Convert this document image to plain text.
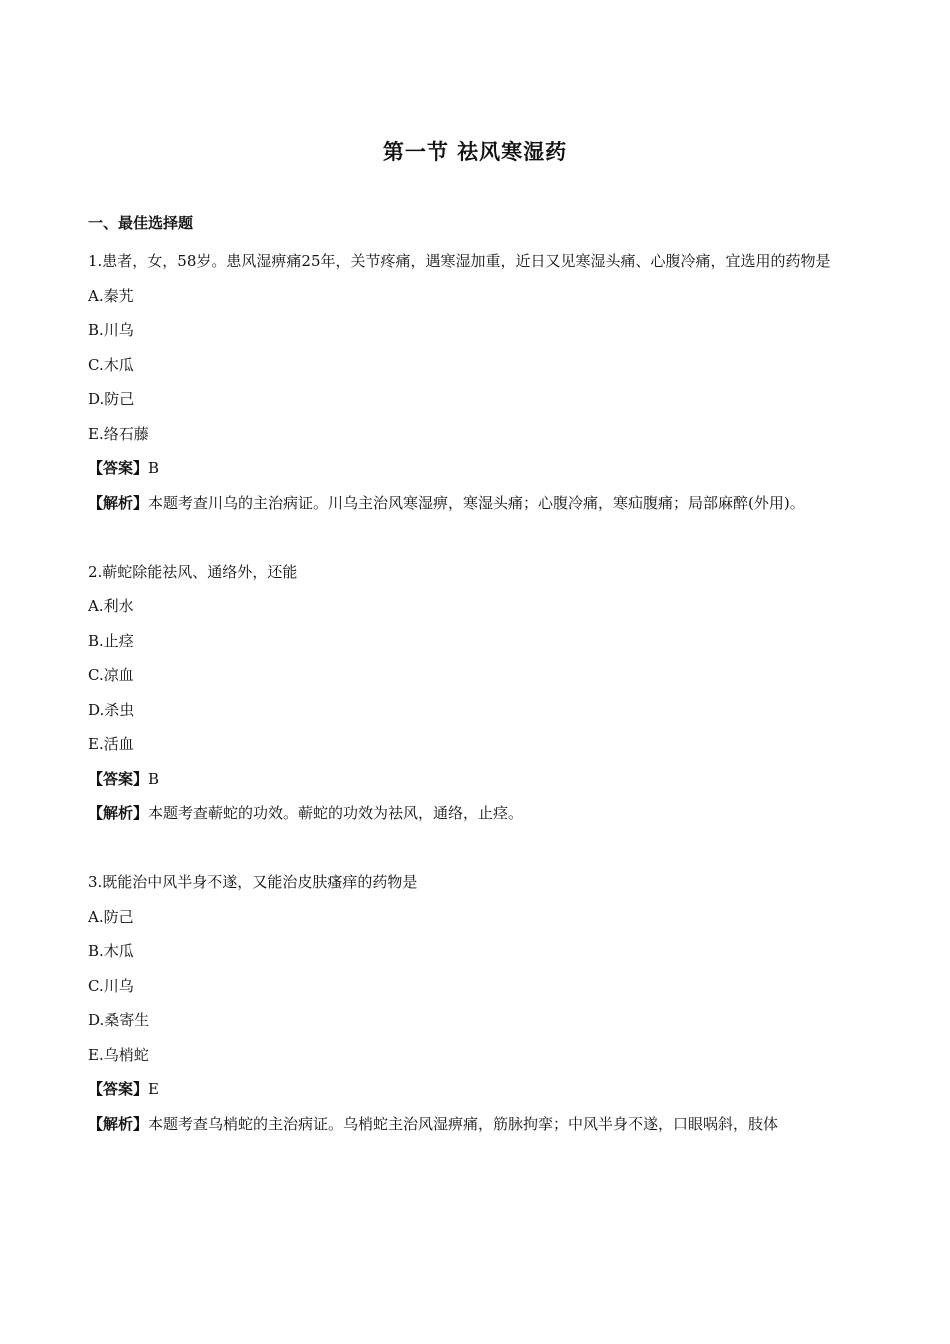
第一节 祛风寒湿药
一、最佳选择题

1.患者，女，58岁。患风湿痹痛25年，关节疼痛，遇寒湿加重，近日又见寒湿头痛、心腹冷痛，宜选用的药物是

A.秦艽

B.川乌

C.木瓜

D.防己

E.络石藤

【答案】B

【解析】本题考查川乌的主治病证。川乌主治风寒湿痹，寒湿头痛；心腹冷痛，寒疝腹痛；局部麻醉(外用)。

2.蕲蛇除能祛风、通络外，还能

A.利水

B.止痉

C.凉血

D.杀虫

E.活血

【答案】B

【解析】本题考查蕲蛇的功效。蕲蛇的功效为祛风，通络，止痉。

3.既能治中风半身不遂，又能治皮肤瘙痒的药物是

A.防己

B.木瓜

C.川乌

D.桑寄生

E.乌梢蛇

【答案】E

【解析】本题考查乌梢蛇的主治病证。乌梢蛇主治风湿痹痛，筋脉拘挛；中风半身不遂，口眼㖞斜，肢体
